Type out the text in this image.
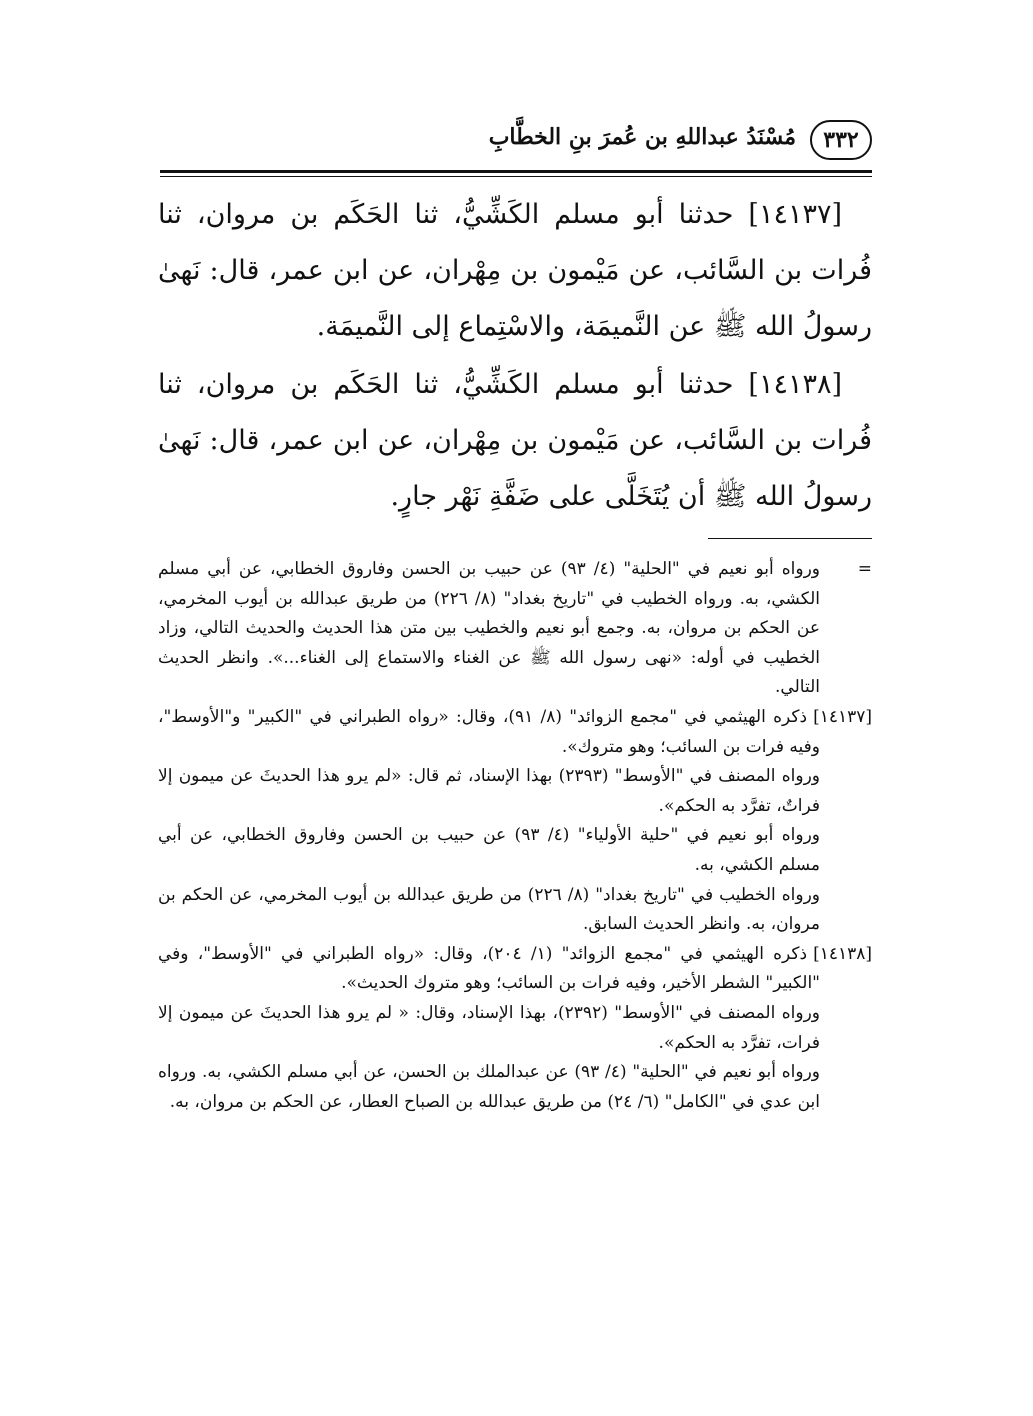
٣٣٢
مُسْنَدُ عبداللهِ بن عُمرَ بنِ الخطَّابِ

[١٤١٣٧] حدثنا أبو مسلم الكَشِّيُّ، ثنا الحَكَم بن مروان، ثنا فُرات بن السَّائب، عن مَيْمون بن مِهْران، عن ابن عمر، قال: نَهىٰ رسولُ الله ﷺ عن النَّميمَة، والاسْتِماع إلى النَّميمَة.

[١٤١٣٨] حدثنا أبو مسلم الكَشِّيُّ، ثنا الحَكَم بن مروان، ثنا فُرات بن السَّائب، عن مَيْمون بن مِهْران، عن ابن عمر، قال: نَهىٰ رسولُ الله ﷺ أن يُتَخَلَّى على ضَفَّةِ نَهْر جارٍ.

=ورواه أبو نعيم في "الحلية" (٤/ ٩٣) عن حبيب بن الحسن وفاروق الخطابي، عن أبي مسلم الكشي، به. ورواه الخطيب في "تاريخ بغداد" (٨/ ٢٢٦) من طريق عبدالله بن أيوب المخرمي، عن الحكم بن مروان، به. وجمع أبو نعيم والخطيب بين متن هذا الحديث والحديث التالي، وزاد الخطيب في أوله: «نهى رسول الله ﷺ عن الغناء والاستماع إلى الغناء...». وانظر الحديث التالي.

[١٤١٣٧]ذكره الهيثمي في "مجمع الزوائد" (٨/ ٩١)، وقال: «رواه الطبراني في "الكبير" و"الأوسط"، وفيه فرات بن السائب؛ وهو متروك».

ورواه المصنف في "الأوسط" (٢٣٩٣) بهذا الإسناد، ثم قال: «لم يرو هذا الحديثَ عن ميمون إلا فراتٌ، تفرَّد به الحكم».

ورواه أبو نعيم في "حلية الأولياء" (٤/ ٩٣) عن حبيب بن الحسن وفاروق الخطابي، عن أبي مسلم الكشي، به.

ورواه الخطيب في "تاريخ بغداد" (٨/ ٢٢٦) من طريق عبدالله بن أيوب المخرمي، عن الحكم بن مروان، به. وانظر الحديث السابق.

[١٤١٣٨]ذكره الهيثمي في "مجمع الزوائد" (١/ ٢٠٤)، وقال: «رواه الطبراني في "الأوسط"، وفي "الكبير" الشطر الأخير، وفيه فرات بن السائب؛ وهو متروك الحديث».

ورواه المصنف في "الأوسط" (٢٣٩٢)، بهذا الإسناد، وقال: « لم يرو هذا الحديثَ عن ميمون إلا فرات، تفرَّد به الحكم».

ورواه أبو نعيم في "الحلية" (٤/ ٩٣) عن عبدالملك بن الحسن، عن أبي مسلم الكشي، به. ورواه ابن عدي في "الكامل" (٦/ ٢٤) من طريق عبدالله بن الصباح العطار، عن الحكم بن مروان، به.
